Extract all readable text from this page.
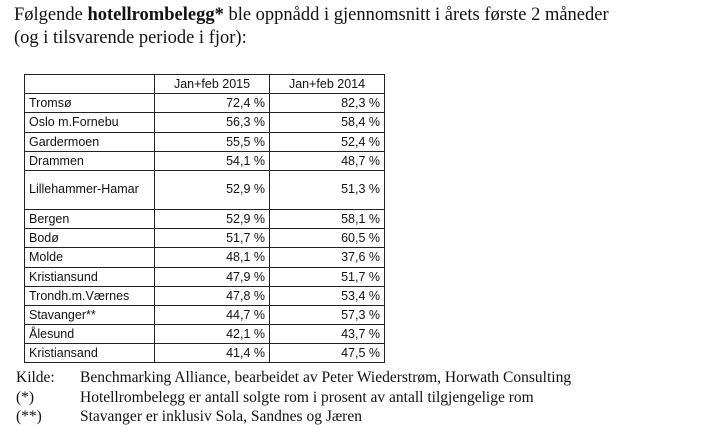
Følgende hotellrombelegg* ble oppnådd i gjennomsnitt i årets første 2 måneder
(og i tilsvarende periode i fjor):
	Jan+feb 2015	Jan+feb 2014
Tromsø	72,4 %	82,3 %
Oslo m.Fornebu	56,3 %	58,4 %
Gardermoen	55,5 %	52,4 %
Drammen	54,1 %	48,7 %
Lillehammer-Hamar	52,9 %	51,3 %
Bergen	52,9 %	58,1 %
Bodø	51,7 %	60,5 %
Molde	48,1 %	37,6 %
Kristiansund	47,9 %	51,7 %
Trondh.m.Værnes	47,8 %	53,4 %
Stavanger**	44,7 %	57,3 %
Ålesund	42,1 %	43,7 %
Kristiansand	41,4 %	47,5 %
Kilde:	Benchmarking Alliance, bearbeidet av Peter Wiederstrøm, Horwath Consulting
(*)	Hotellrombelegg er antall solgte rom i prosent av antall tilgjengelige rom
(**)	Stavanger er inklusiv Sola, Sandnes og Jæren
